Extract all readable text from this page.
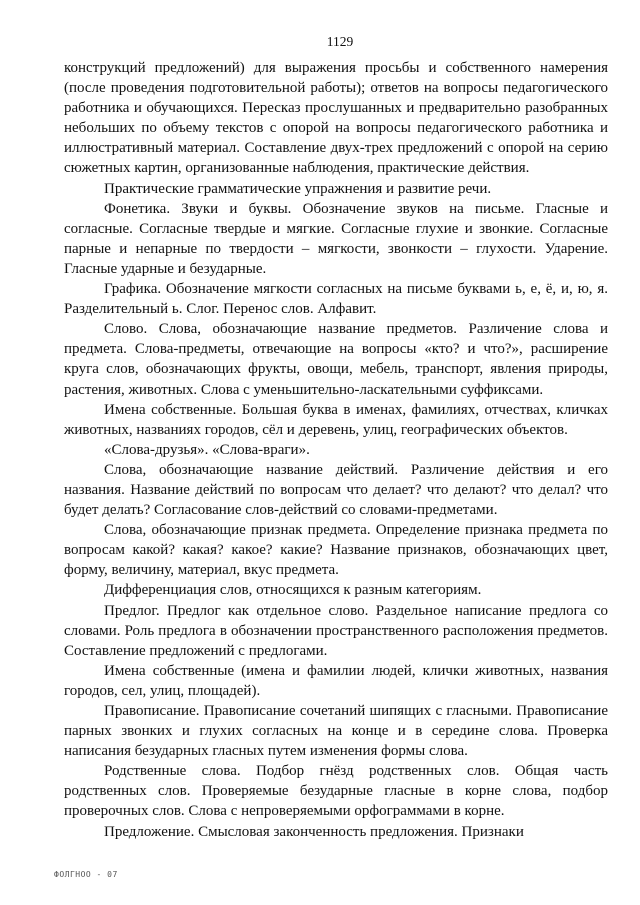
1129

конструкций предложений) для выражения просьбы и собственного намерения (после проведения подготовительной работы); ответов на вопросы педагогического работника и обучающихся. Пересказ прослушанных и предварительно разобранных небольших по объему текстов с опорой на вопросы педагогического работника и иллюстративный материал. Составление двух-трех предложений с опорой на серию сюжетных картин, организованные наблюдения, практические действия.

Практические грамматические упражнения и развитие речи.

Фонетика. Звуки и буквы. Обозначение звуков на письме. Гласные и согласные. Согласные твердые и мягкие. Согласные глухие и звонкие. Согласные парные и непарные по твердости – мягкости, звонкости – глухости. Ударение. Гласные ударные и безударные.

Графика. Обозначение мягкости согласных на письме буквами ь, е, ё, и, ю, я. Разделительный ь. Слог. Перенос слов. Алфавит.

Слово. Слова, обозначающие название предметов. Различение слова и предмета. Слова-предметы, отвечающие на вопросы «кто? и что?», расширение круга слов, обозначающих фрукты, овощи, мебель, транспорт, явления природы, растения, животных. Слова с уменьшительно-ласкательными суффиксами.

Имена собственные. Большая буква в именах, фамилиях, отчествах, кличках животных, названиях городов, сёл и деревень, улиц, географических объектов.

«Слова-друзья». «Слова-враги».

Слова, обозначающие название действий. Различение действия и его названия. Название действий по вопросам что делает? что делают? что делал? что будет делать? Согласование слов-действий со словами-предметами.

Слова, обозначающие признак предмета. Определение признака предмета по вопросам какой? какая? какое? какие? Название признаков, обозначающих цвет, форму, величину, материал, вкус предмета.

Дифференциация слов, относящихся к разным категориям.

Предлог. Предлог как отдельное слово. Раздельное написание предлога со словами. Роль предлога в обозначении пространственного расположения предметов. Составление предложений с предлогами.

Имена собственные (имена и фамилии людей, клички животных, названия городов, сел, улиц, площадей).

Правописание. Правописание сочетаний шипящих с гласными. Правописание парных звонких и глухих согласных на конце и в середине слова. Проверка написания безударных гласных путем изменения формы слова.

Родственные слова. Подбор гнёзд родственных слов. Общая часть родственных слов. Проверяемые безударные гласные в корне слова, подбор проверочных слов. Слова с непроверяемыми орфограммами в корне.

Предложение. Смысловая законченность предложения. Признаки

ФОЛГНОО - 07
